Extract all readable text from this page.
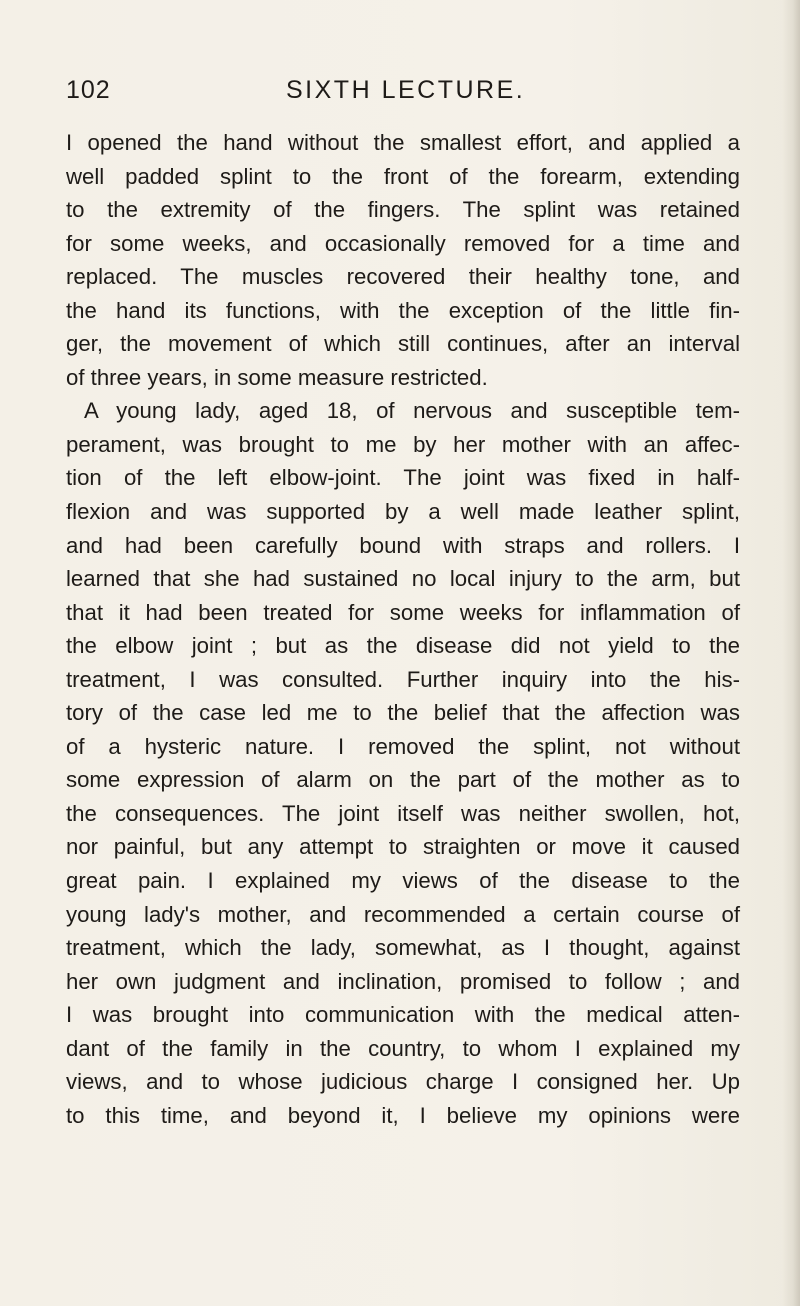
102	SIXTH LECTURE.
I opened the hand without the smallest effort, and applied a
well padded splint to the front of the forearm, extending
to the extremity of the fingers. The splint was retained
for some weeks, and occasionally removed for a time and
replaced. The muscles recovered their healthy tone, and
the hand its functions, with the exception of the little fin-
ger, the movement of which still continues, after an interval
of three years, in some measure restricted.
A young lady, aged 18, of nervous and susceptible tem-
perament, was brought to me by her mother with an affec-
tion of the left elbow-joint. The joint was fixed in half-
flexion and was supported by a well made leather splint,
and had been carefully bound with straps and rollers. I
learned that she had sustained no local injury to the arm, but
that it had been treated for some weeks for inflammation of
the elbow joint ; but as the disease did not yield to the
treatment, I was consulted. Further inquiry into the his-
tory of the case led me to the belief that the affection was
of a hysteric nature. I removed the splint, not without
some expression of alarm on the part of the mother as to
the consequences. The joint itself was neither swollen, hot,
nor painful, but any attempt to straighten or move it caused
great pain. I explained my views of the disease to the
young lady's mother, and recommended a certain course of
treatment, which the lady, somewhat, as I thought, against
her own judgment and inclination, promised to follow ; and
I was brought into communication with the medical atten-
dant of the family in the country, to whom I explained my
views, and to whose judicious charge I consigned her. Up
to this time, and beyond it, I believe my opinions were
